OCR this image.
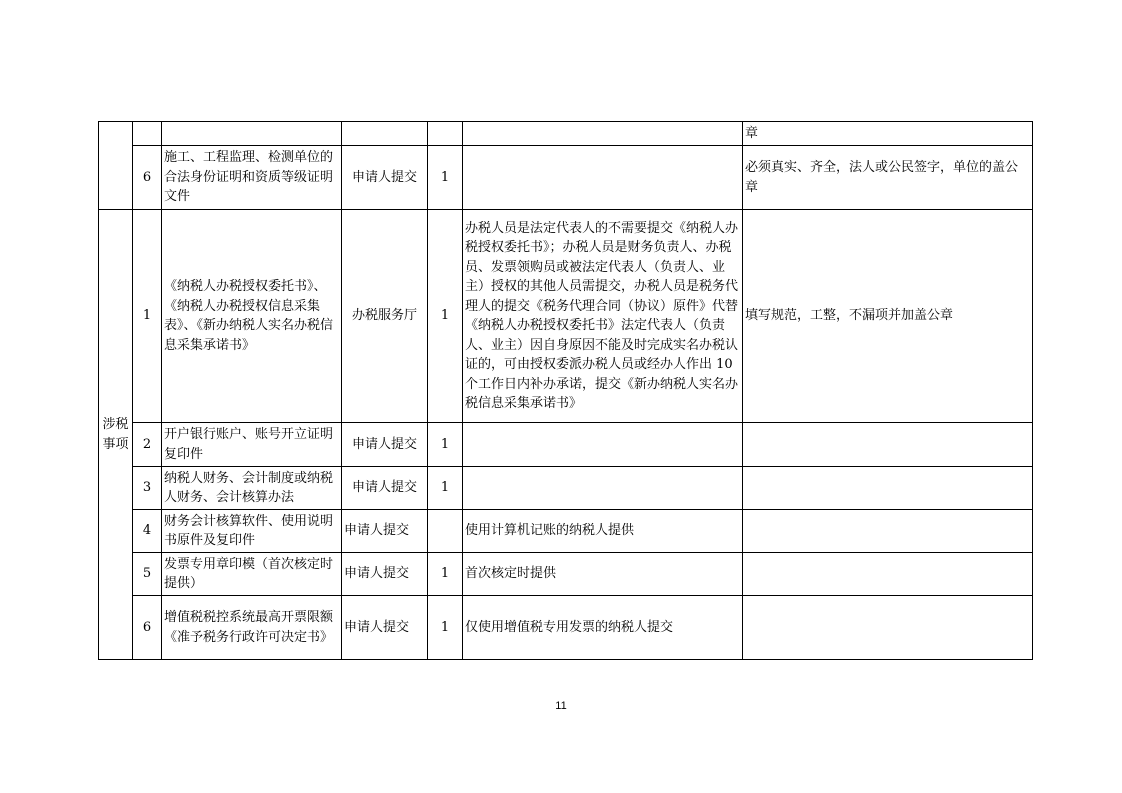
						章
	6	施工、工程监理、检测单位的合法身份证明和资质等级证明文件	申请人提交	1		必须真实、齐全，法人或公民签字，单位的盖公章
涉税事项	1	《纳税人办税授权委托书》、《纳税人办税授权信息采集表》、《新办纳税人实名办税信息采集承诺书》	办税服务厅	1	办税人员是法定代表人的不需要提交《纳税人办税授权委托书》；办税人员是财务负责人、办税员、发票领购员或被法定代表人（负责人、业主）授权的其他人员需提交，办税人员是税务代理人的提交《税务代理合同（协议）原件》代替《纳税人办税授权委托书》法定代表人（负责人、业主）因自身原因不能及时完成实名办税认证的，可由授权委派办税人员或经办人作出 10 个工作日内补办承诺，提交《新办纳税人实名办税信息采集承诺书》	填写规范，工整，不漏项并加盖公章
	2	开户银行账户、账号开立证明复印件	申请人提交	1		
	3	纳税人财务、会计制度或纳税人财务、会计核算办法	申请人提交	1		
	4	财务会计核算软件、使用说明书原件及复印件	申请人提交		使用计算机记账的纳税人提供	
	5	发票专用章印模（首次核定时提供）	申请人提交	1	首次核定时提供	
	6	增值税税控系统最高开票限额《准予税务行政许可决定书》	申请人提交	1	仅使用增值税专用发票的纳税人提交	
11
